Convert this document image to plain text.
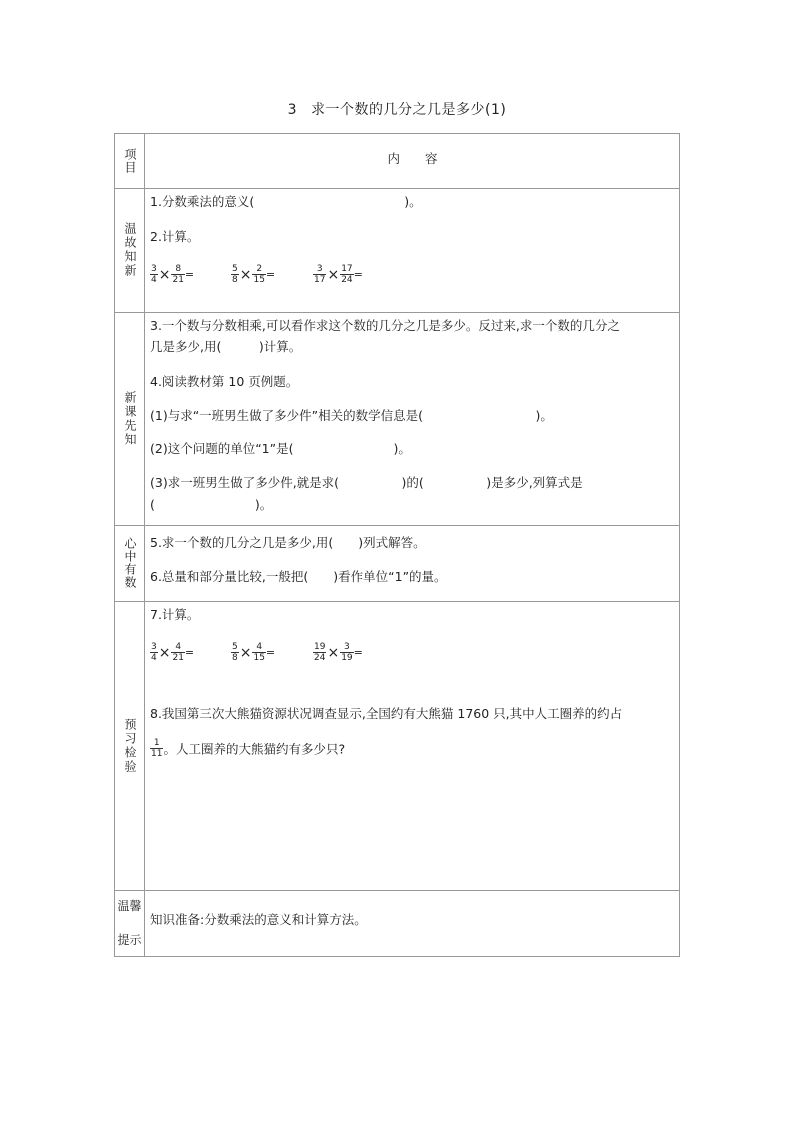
3 求一个数的几分之几是多少(1)
项目	内　　容
温故知新
1.分数乘法的意义(　　　　　　　　　　　　)。
2.计算。
$\frac{3}{4} \times \frac{8}{21}$ =	$\frac{5}{8} \times \frac{2}{15}$ =	$\frac{3}{17} \times \frac{17}{24}$ =
新课先知
3.一个数与分数相乘,可以看作求这个数的几分之几是多少。反过来,求一个数的几分之
几是多少,用(　　　)计算。
4.阅读教材第 10 页例题。
(1)与求“一班男生做了多少件”相关的数学信息是(　　　　　　　　　)。
(2)这个问题的单位“1”是(　　　　　　　　)。
(3)求一班男生做了多少件,就是求(　　　　　)的(　　　　　)是多少,列算式是
(　　　　　　　　)。
心中有数 5.求一个数的几分之几是多少,用(　　)列式解答。
6.总量和部分量比较,一般把(　　)看作单位“1”的量。
预习检验
7.计算。
$\frac{3}{4} \times \frac{4}{21}$ =	$\frac{5}{8} \times \frac{4}{15}$ =	$\frac{19}{24} \times \frac{3}{19}$ =
8.我国第三次大熊猫资源状况调查显示,全国约有大熊猫 1760 只,其中人工圈养的约占
$\frac{1}{11}$ 。人工圈养的大熊猫约有多少只?
温馨
提示
知识准备:分数乘法的意义和计算方法。
